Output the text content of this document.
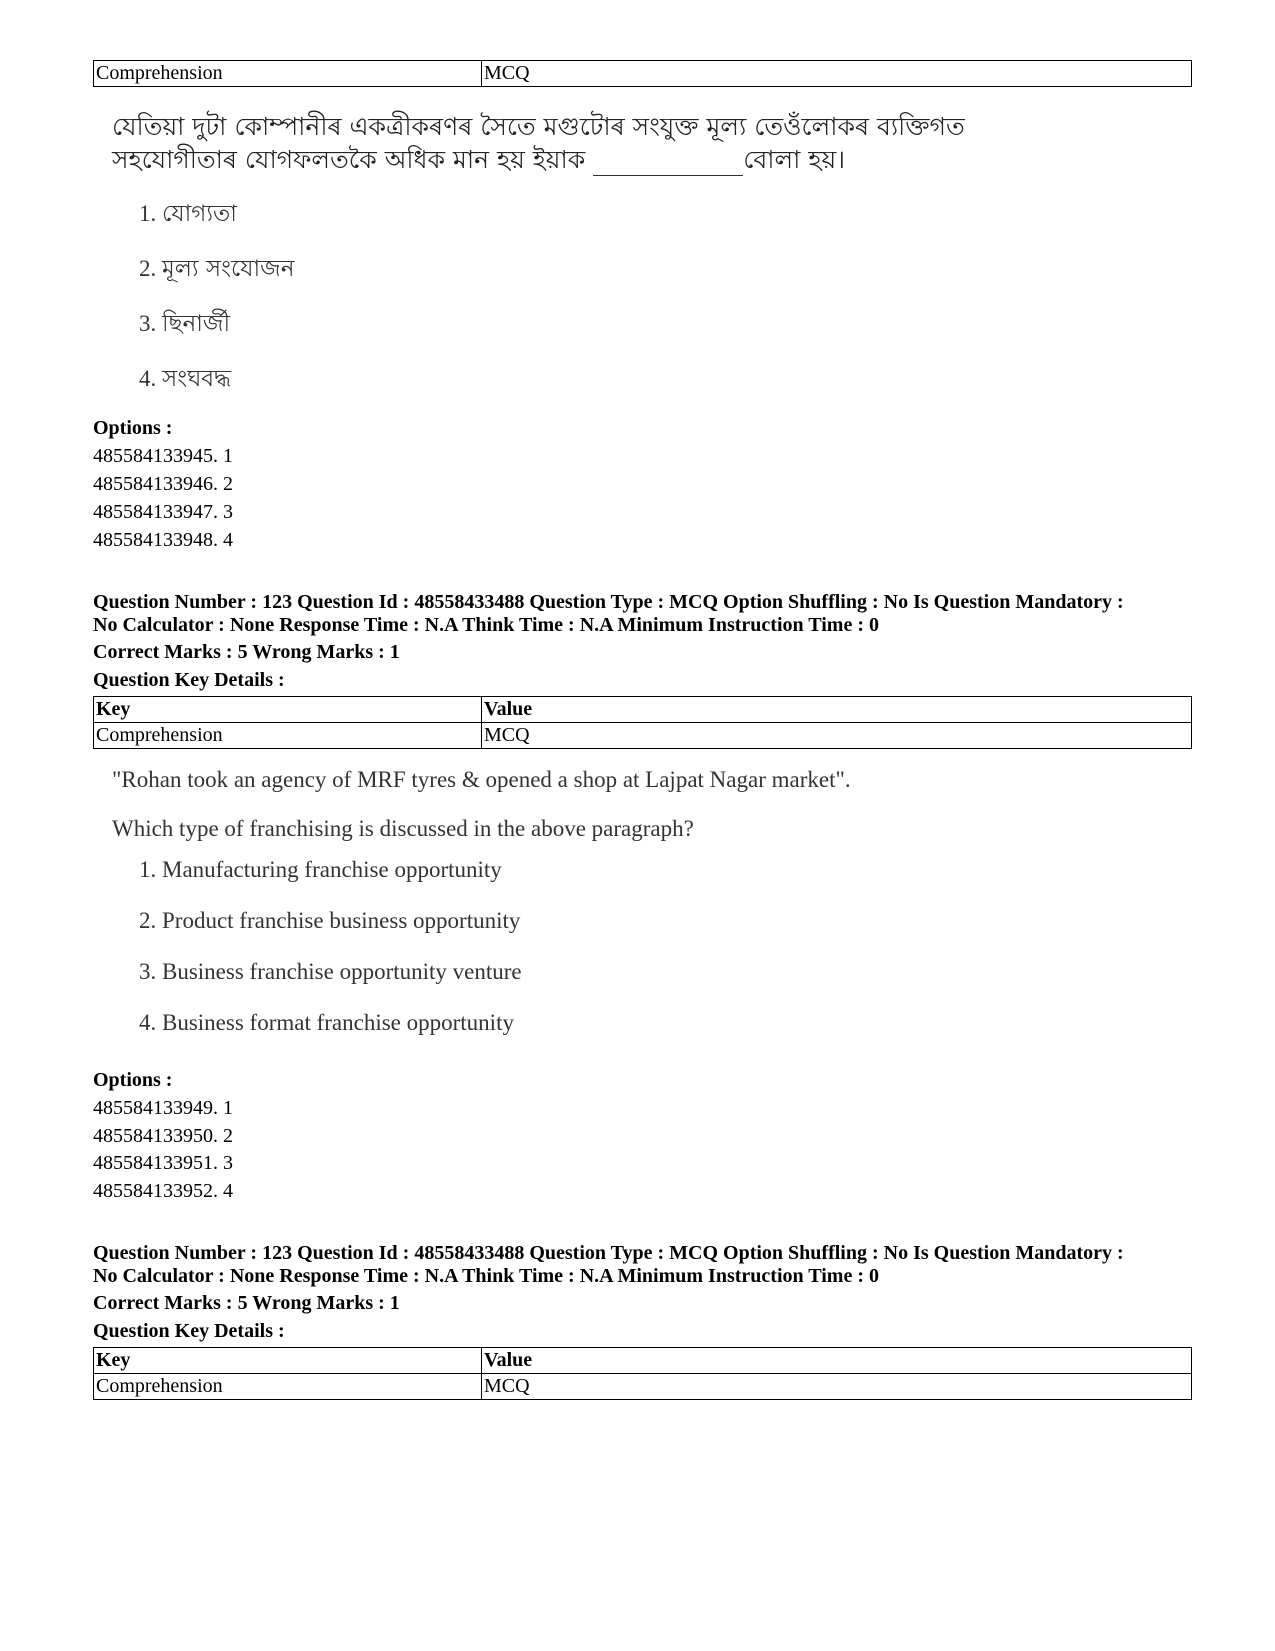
Comprehension	MCQ

যেতিয়া দুটা কোম্পানীৰ একত্রীকৰণৰ সৈতে মগুটোৰ সংযুক্ত মূল্য তেওঁলোকৰ ব্যক্তিগত সহযোগীতাৰ যোগফলতকৈ অধিক মান হয় ইয়াক	বোলা হয়।

1. যোগ্যতা
2. মূল্য সংযোজন
3. ছিনার্জী
4. সংঘবদ্ধ
Options :
485584133945. 1
485584133946. 2
485584133947. 3
485584133948. 4
Question Number : 123 Question Id : 48558433488 Question Type : MCQ Option Shuffling : No Is Question Mandatory :
No Calculator : None Response Time : N.A Think Time : N.A Minimum Instruction Time : 0
Correct Marks : 5 Wrong Marks : 1
Question Key Details :
Key	Value
Comprehension	MCQ

"Rohan took an agency of MRF tyres & opened a shop at Lajpat Nagar market".

Which type of franchising is discussed in the above paragraph?

1. Manufacturing franchise opportunity
2. Product franchise business opportunity
3. Business franchise opportunity venture
4. Business format franchise opportunity
Options :
485584133949. 1
485584133950. 2
485584133951. 3
485584133952. 4
Question Number : 123 Question Id : 48558433488 Question Type : MCQ Option Shuffling : No Is Question Mandatory :
No Calculator : None Response Time : N.A Think Time : N.A Minimum Instruction Time : 0
Correct Marks : 5 Wrong Marks : 1
Question Key Details :
Key	Value
Comprehension	MCQ
